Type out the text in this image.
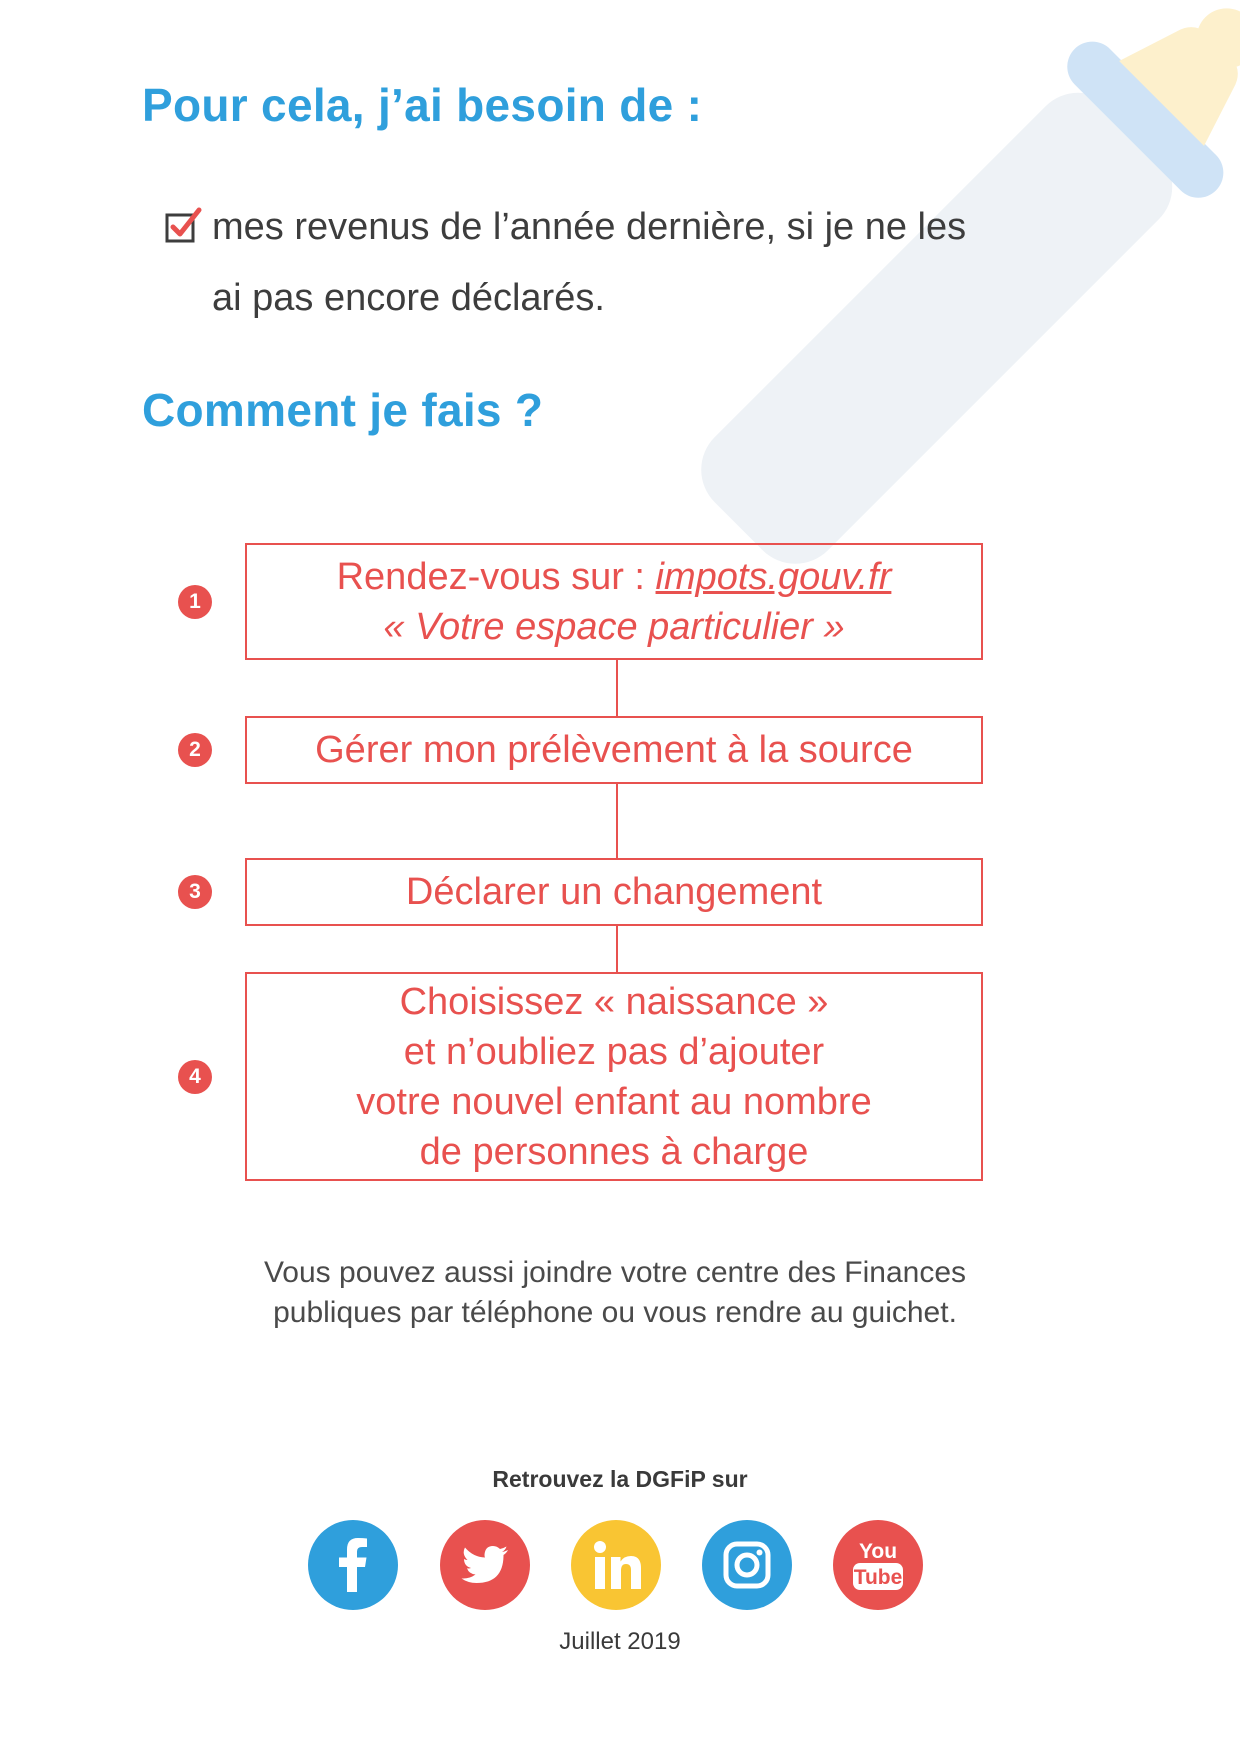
Pour cela, j’ai besoin de :
mes revenus de l’année dernière, si je ne les ai pas encore déclarés.
Comment je fais ?
1
Rendez-vous sur : impots.gouv.fr
« Votre espace particulier »
2	Gérer mon prélèvement à la source
3	Déclarer un changement
4
Choisissez « naissance »
et n’oubliez pas d’ajouter
votre nouvel enfant au nombre
de personnes à charge
Vous pouvez aussi joindre votre centre des Finances publiques par téléphone ou vous rendre au guichet.
Retrouvez la DGFiP sur
You
Tube
Juillet 2019
